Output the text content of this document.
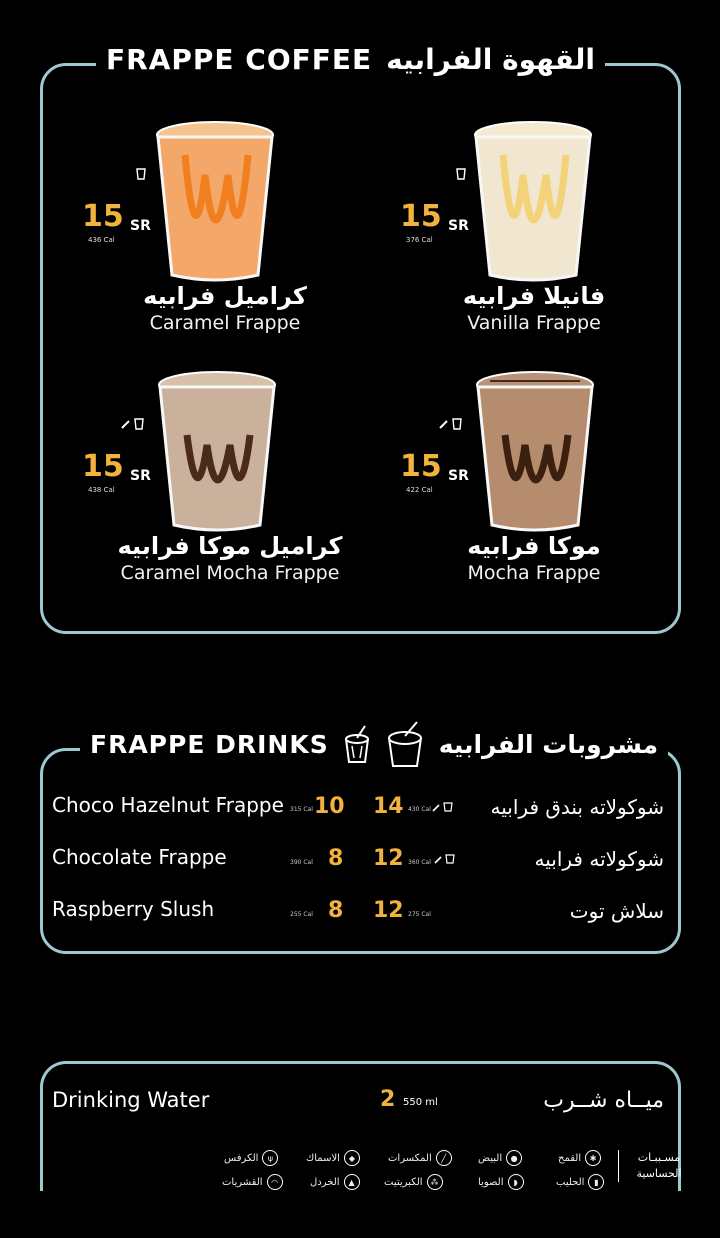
FRAPPE COFFEE القهوة الفرابيه
15 SR
436 Cal
كراميل فرابيه
Caramel Frappe
15 SR
376 Cal
فانيلا فرابيه
Vanilla Frappe
15 SR
438 Cal
كراميل موكا فرابيه
Caramel Mocha Frappe
15 SR
422 Cal
موكا فرابيه
Mocha Frappe
FRAPPE DRINKS	مشروبات الفرابيه
Choco Hazelnut Frappe 315 Cal 10 14 430 Cal	شوكولاته بندق فرابيه
Chocolate Frappe	390 Cal 8 12 360 Cal	شوكولاته فرابيه
Raspberry Slush	255 Cal 8 12 275 Cal	سلاش توت
Drinking Water	2 550 ml	ميــاه شــرب
مسـببـات
الحساسية
✱
القمح
●
البيض
╱
المكسرات
◆
الاسماك
ψ
الكرفس
▮
الحليب
◗
الصويا
⁂
الكبريتيت
▲
الخردل
◠
القشريات
